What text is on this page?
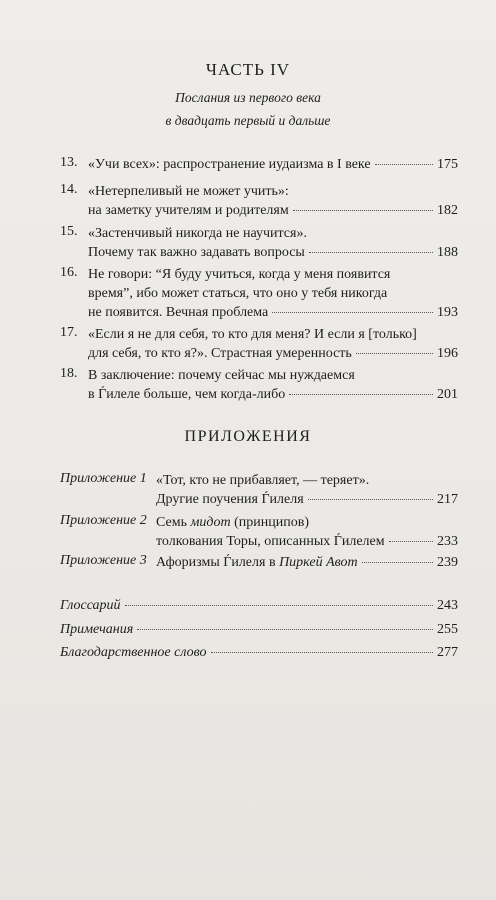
ЧАСТЬ IV
Послания из первого века
в двадцать первый и дальше
13. «Учи всех»: распространение иудаизма в I веке	175
14. «Нетерпеливый не может учить»:
на заметку учителям и родителям	182
15. «Застенчивый никогда не научится».
Почему так важно задавать вопросы	188
16. Не говори: “Я буду учиться, когда у меня появится
время”, ибо может статься, что оно у тебя никогда
не появится. Вечная проблема	193
17. «Если я не для себя, то кто для меня? И если я [только]
для себя, то кто я?». Страстная умеренность	196
18. В заключение: почему сейчас мы нуждаемся
в Ѓилеле больше, чем когда-либо	201
ПРИЛОЖЕНИЯ
Приложение 1 «Тот, кто не прибавляет, — теряет».
Другие поучения Ѓилеля	217
Приложение 2 Семь мидот (принципов)
толкования Торы, описанных Ѓилелем	233
Приложение 3 Афоризмы Ѓилеля в Пиркей Авот	239
Глоссарий	243
Примечания	255
Благодарственное слово	277
